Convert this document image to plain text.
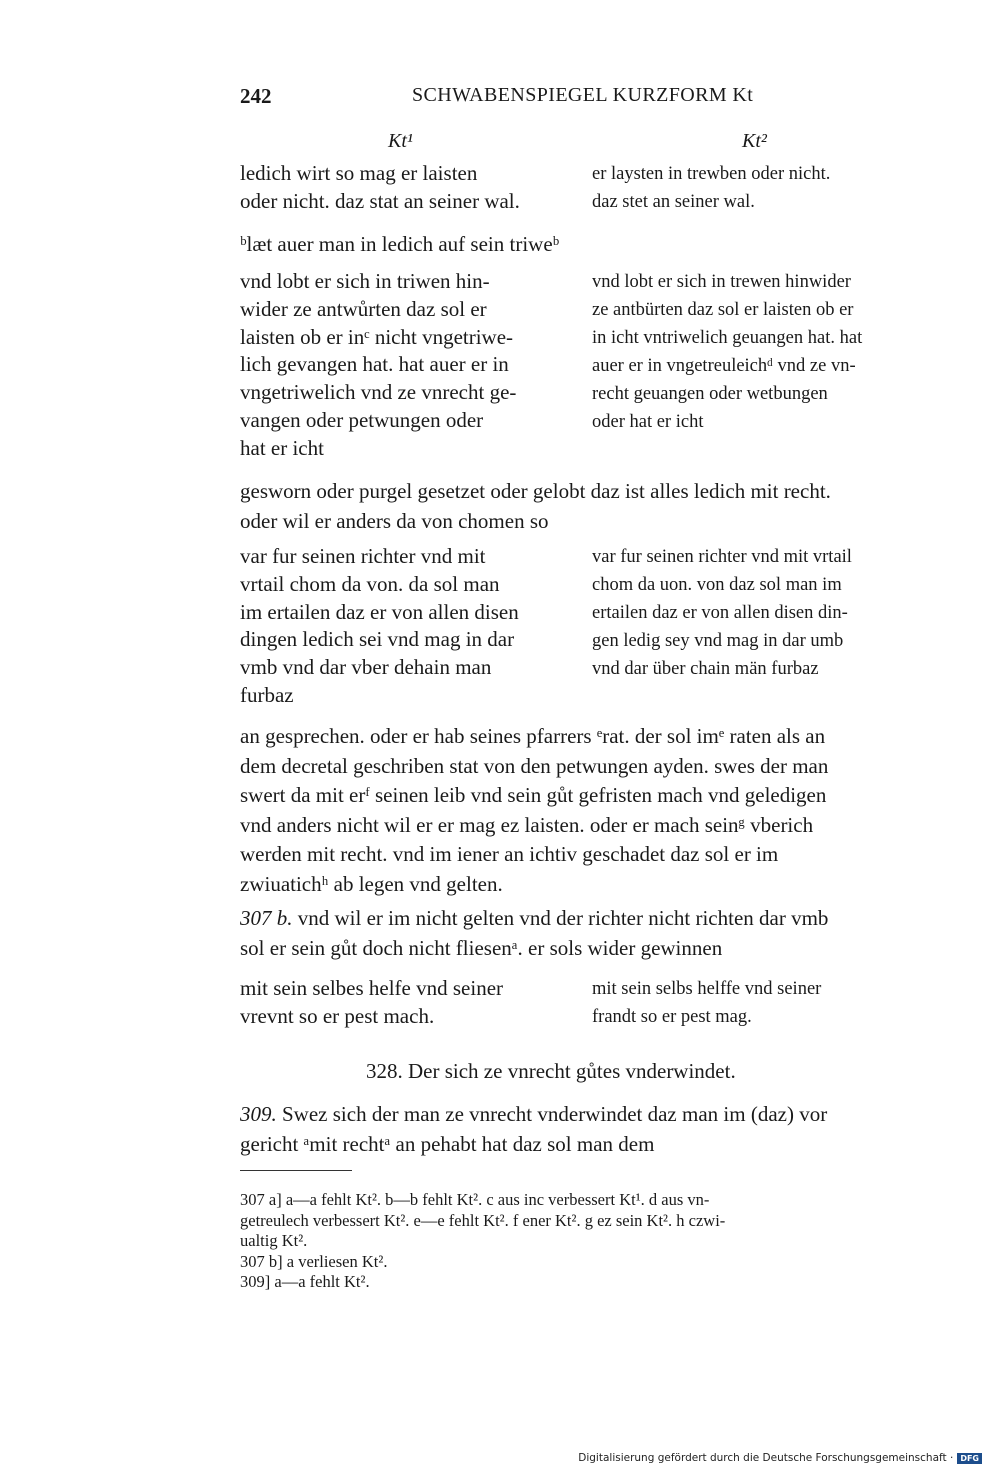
242	SCHWABENSPIEGEL KURZFORM Kt
Kt¹	Kt²
ledich wirt so mag er laisten
oder nicht. daz stat an seiner wal.
er laysten in trewben oder nicht.
daz stet an seiner wal.
ᵇlæt auer man in ledich auf sein triweᵇ
vnd lobt er sich in triwen hin-
wider ze antwůrten daz sol er
laisten ob er inᶜ nicht vngetriwe-
lich gevangen hat. hat auer er in
vngetriwelich vnd ze vnrecht ge-
vangen oder petwungen oder
hat er icht
vnd lobt er sich in trewen hinwider
ze antbürten daz sol er laisten ob er
in icht vntriwelich geuangen hat. hat
auer er in vngetreuleichᵈ vnd ze vn-
recht geuangen oder wetbungen
oder hat er icht
gesworn oder purgel gesetzet oder gelobt daz ist alles ledich mit recht.
oder wil er anders da von chomen so
var fur seinen richter vnd mit
vrtail chom da von. da sol man
im ertailen daz er von allen disen
dingen ledich sei vnd mag in dar
vmb vnd dar vber dehain man
furbaz
var fur seinen richter vnd mit vrtail
chom da uon. von daz sol man im
ertailen daz er von allen disen din-
gen ledig sey vnd mag in dar umb
vnd dar über chain män furbaz
an gesprechen. oder er hab seines pfarrers ᵉrat. der sol imᵉ raten als an
dem decretal geschriben stat von den petwungen ayden. swes der man
swert da mit erᶠ seinen leib vnd sein gůt gefristen mach vnd geledigen
vnd anders nicht wil er er mag ez laisten. oder er mach seinᵍ vberich
werden mit recht. vnd im iener an ichtiv geschadet daz sol er im
zwiuatichʰ ab legen vnd gelten.
307 b. vnd wil er im nicht gelten vnd der richter nicht richten dar vmb
sol er sein gůt doch nicht fliesenᵃ. er sols wider gewinnen
mit sein selbes helfe vnd seiner
vrevnt so er pest mach.
mit sein selbs helffe vnd seiner
frandt so er pest mag.
328. Der sich ze vnrecht gůtes vnderwindet.
309. Swez sich der man ze vnrecht vnderwindet daz man im (daz) vor
gericht ᵃmit rechtᵃ an pehabt hat daz sol man dem
307 a] a—a fehlt Kt². b—b fehlt Kt². c aus inc verbessert Kt¹. d aus vn-
getreulech verbessert Kt². e—e fehlt Kt². f ener Kt². g ez sein Kt². h czwi-
ualtig Kt².
307 b] a verliesen Kt².
309] a—a fehlt Kt².
Digitalisierung gefördert durch die Deutsche Forschungsgemeinschaft · DFG
